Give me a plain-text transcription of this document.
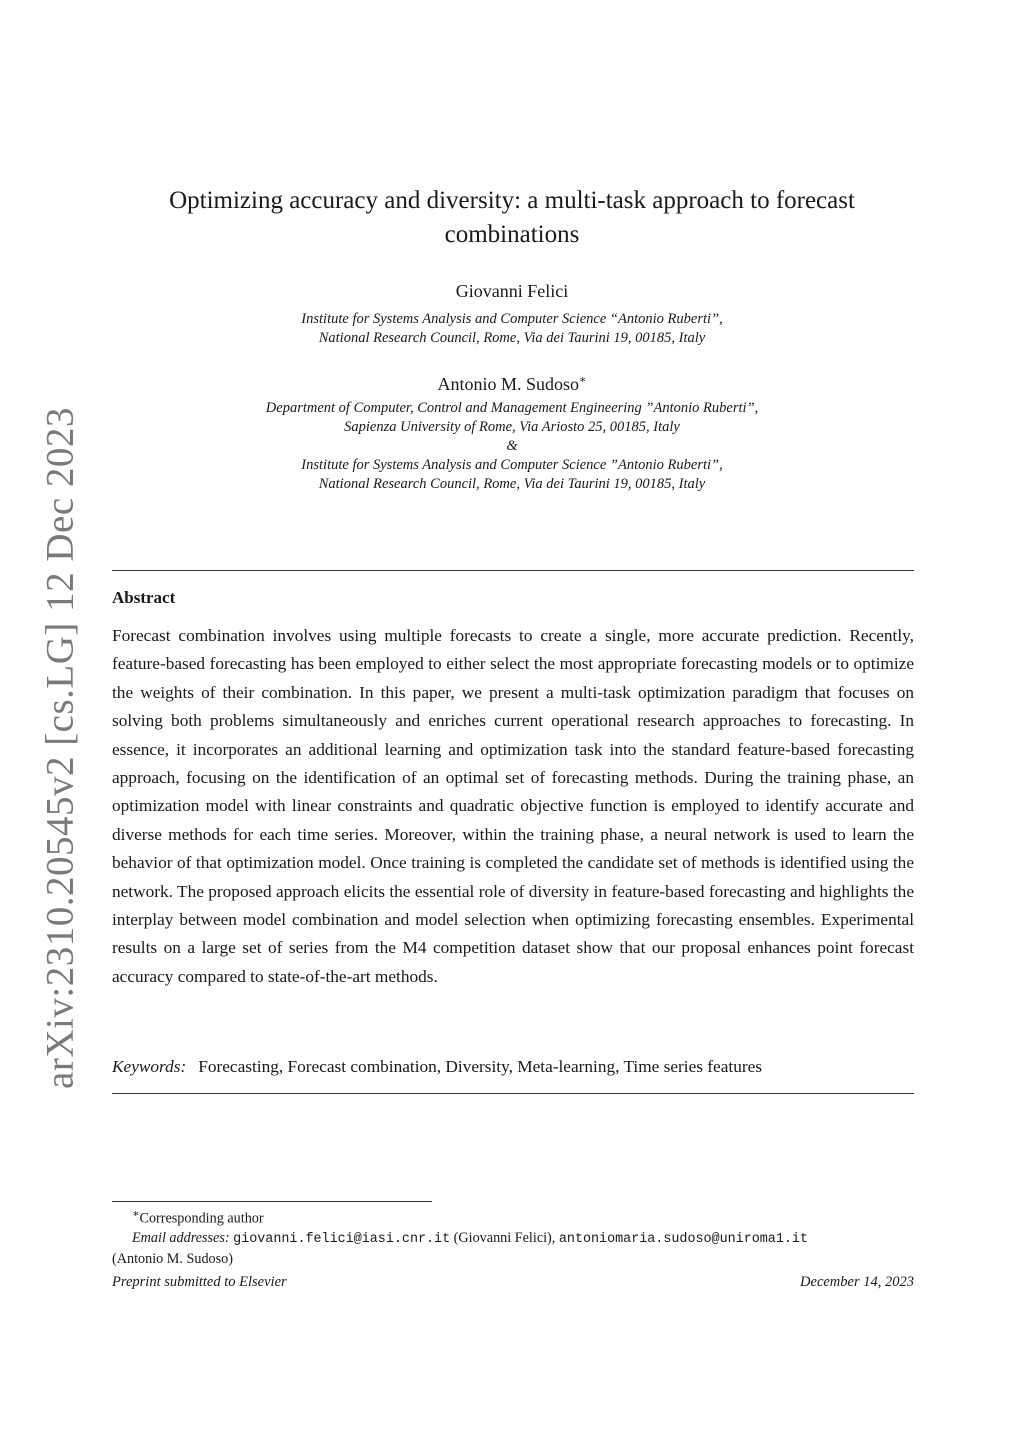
arXiv:2310.20545v2 [cs.LG] 12 Dec 2023
Optimizing accuracy and diversity: a multi-task approach to forecast combinations
Giovanni Felici
Institute for Systems Analysis and Computer Science “Antonio Ruberti”,
National Research Council, Rome, Via dei Taurini 19, 00185, Italy
Antonio M. Sudoso∗
Department of Computer, Control and Management Engineering ”Antonio Ruberti”,
Sapienza University of Rome, Via Ariosto 25, 00185, Italy
&
Institute for Systems Analysis and Computer Science ”Antonio Ruberti”,
National Research Council, Rome, Via dei Taurini 19, 00185, Italy
Abstract
Forecast combination involves using multiple forecasts to create a single, more accurate prediction. Recently, feature-based forecasting has been employed to either select the most appropriate forecasting models or to optimize the weights of their combination. In this paper, we present a multi-task optimization paradigm that focuses on solving both problems simultaneously and enriches current operational research approaches to forecasting. In essence, it incorporates an additional learning and optimization task into the standard feature-based forecasting approach, focusing on the identification of an optimal set of forecasting methods. During the training phase, an optimization model with linear constraints and quadratic objective function is employed to identify accurate and diverse methods for each time series. Moreover, within the training phase, a neural network is used to learn the behavior of that optimization model. Once training is completed the candidate set of methods is identified using the network. The proposed approach elicits the essential role of diversity in feature-based forecasting and highlights the interplay between model combination and model selection when optimizing forecasting ensembles. Experimental results on a large set of series from the M4 competition dataset show that our proposal enhances point forecast accuracy compared to state-of-the-art methods.
Keywords: Forecasting, Forecast combination, Diversity, Meta-learning, Time series features
∗Corresponding author
Email addresses: giovanni.felici@iasi.cnr.it (Giovanni Felici), antoniomaria.sudoso@uniroma1.it
(Antonio M. Sudoso)
Preprint submitted to Elsevier	December 14, 2023
